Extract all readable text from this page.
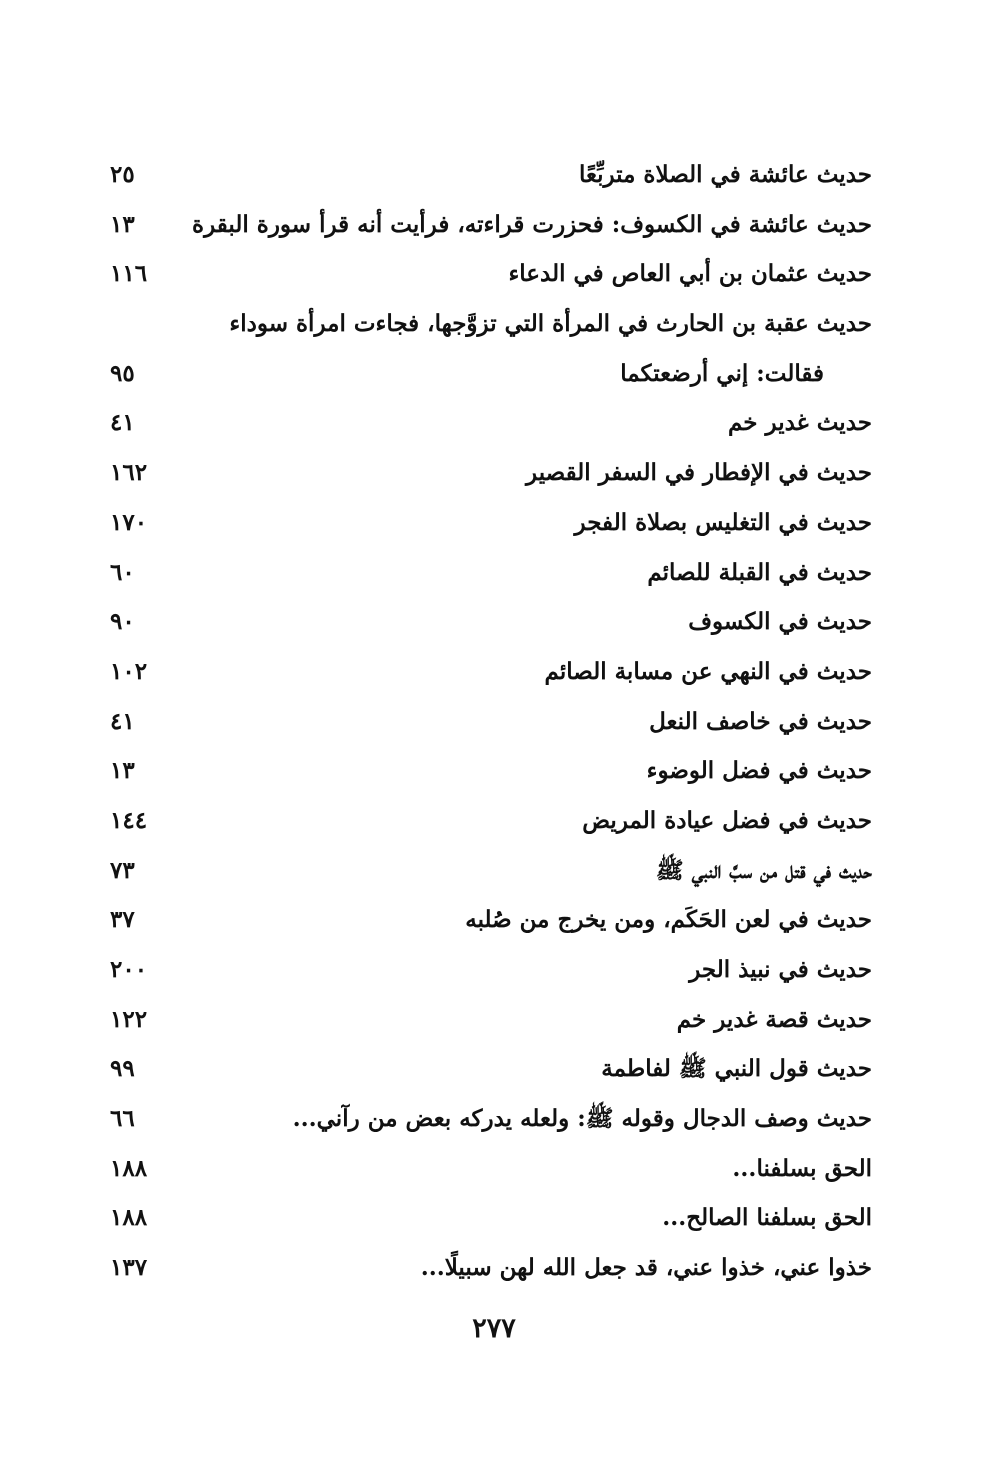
حديث عائشة في الصلاة متربِّعًا
٢٥
حديث عائشة في الكسوف: فحزرت قراءته، فرأيت أنه قرأ سورة البقرة
١٣
حديث عثمان بن أبي العاص في الدعاء
١١٦
حديث عقبة بن الحارث في المرأة التي تزوَّجها، فجاءت امرأة سوداء
فقالت: إني أرضعتكما
٩٥
حديث غدير خم
٤١
حديث في الإفطار في السفر القصير
١٦٢
حديث في التغليس بصلاة الفجر
١٧٠
حديث في القبلة للصائم
٦٠
حديث في الكسوف
٩٠
حديث في النهي عن مسابة الصائم
١٠٢
حديث في خاصف النعل
٤١
حديث في فضل الوضوء
١٣
حديث في فضل عيادة المريض
١٤٤
حديث في قتل من سبَّ النبي ﷺ
٧٣
حديث في لعن الحَكَم، ومن يخرج من صُلبه
٣٧
حديث في نبيذ الجر
٢٠٠
حديث قصة غدير خم
١٢٢
حديث قول النبي ﷺ لفاطمة
٩٩
حديث وصف الدجال وقوله ﷺ: ولعله يدركه بعض من رآني...
٦٦
الحق بسلفنا...
١٨٨
الحق بسلفنا الصالح...
١٨٨
خذوا عني، خذوا عني، قد جعل الله لهن سبيلًا...
١٣٧
٢٧٧
